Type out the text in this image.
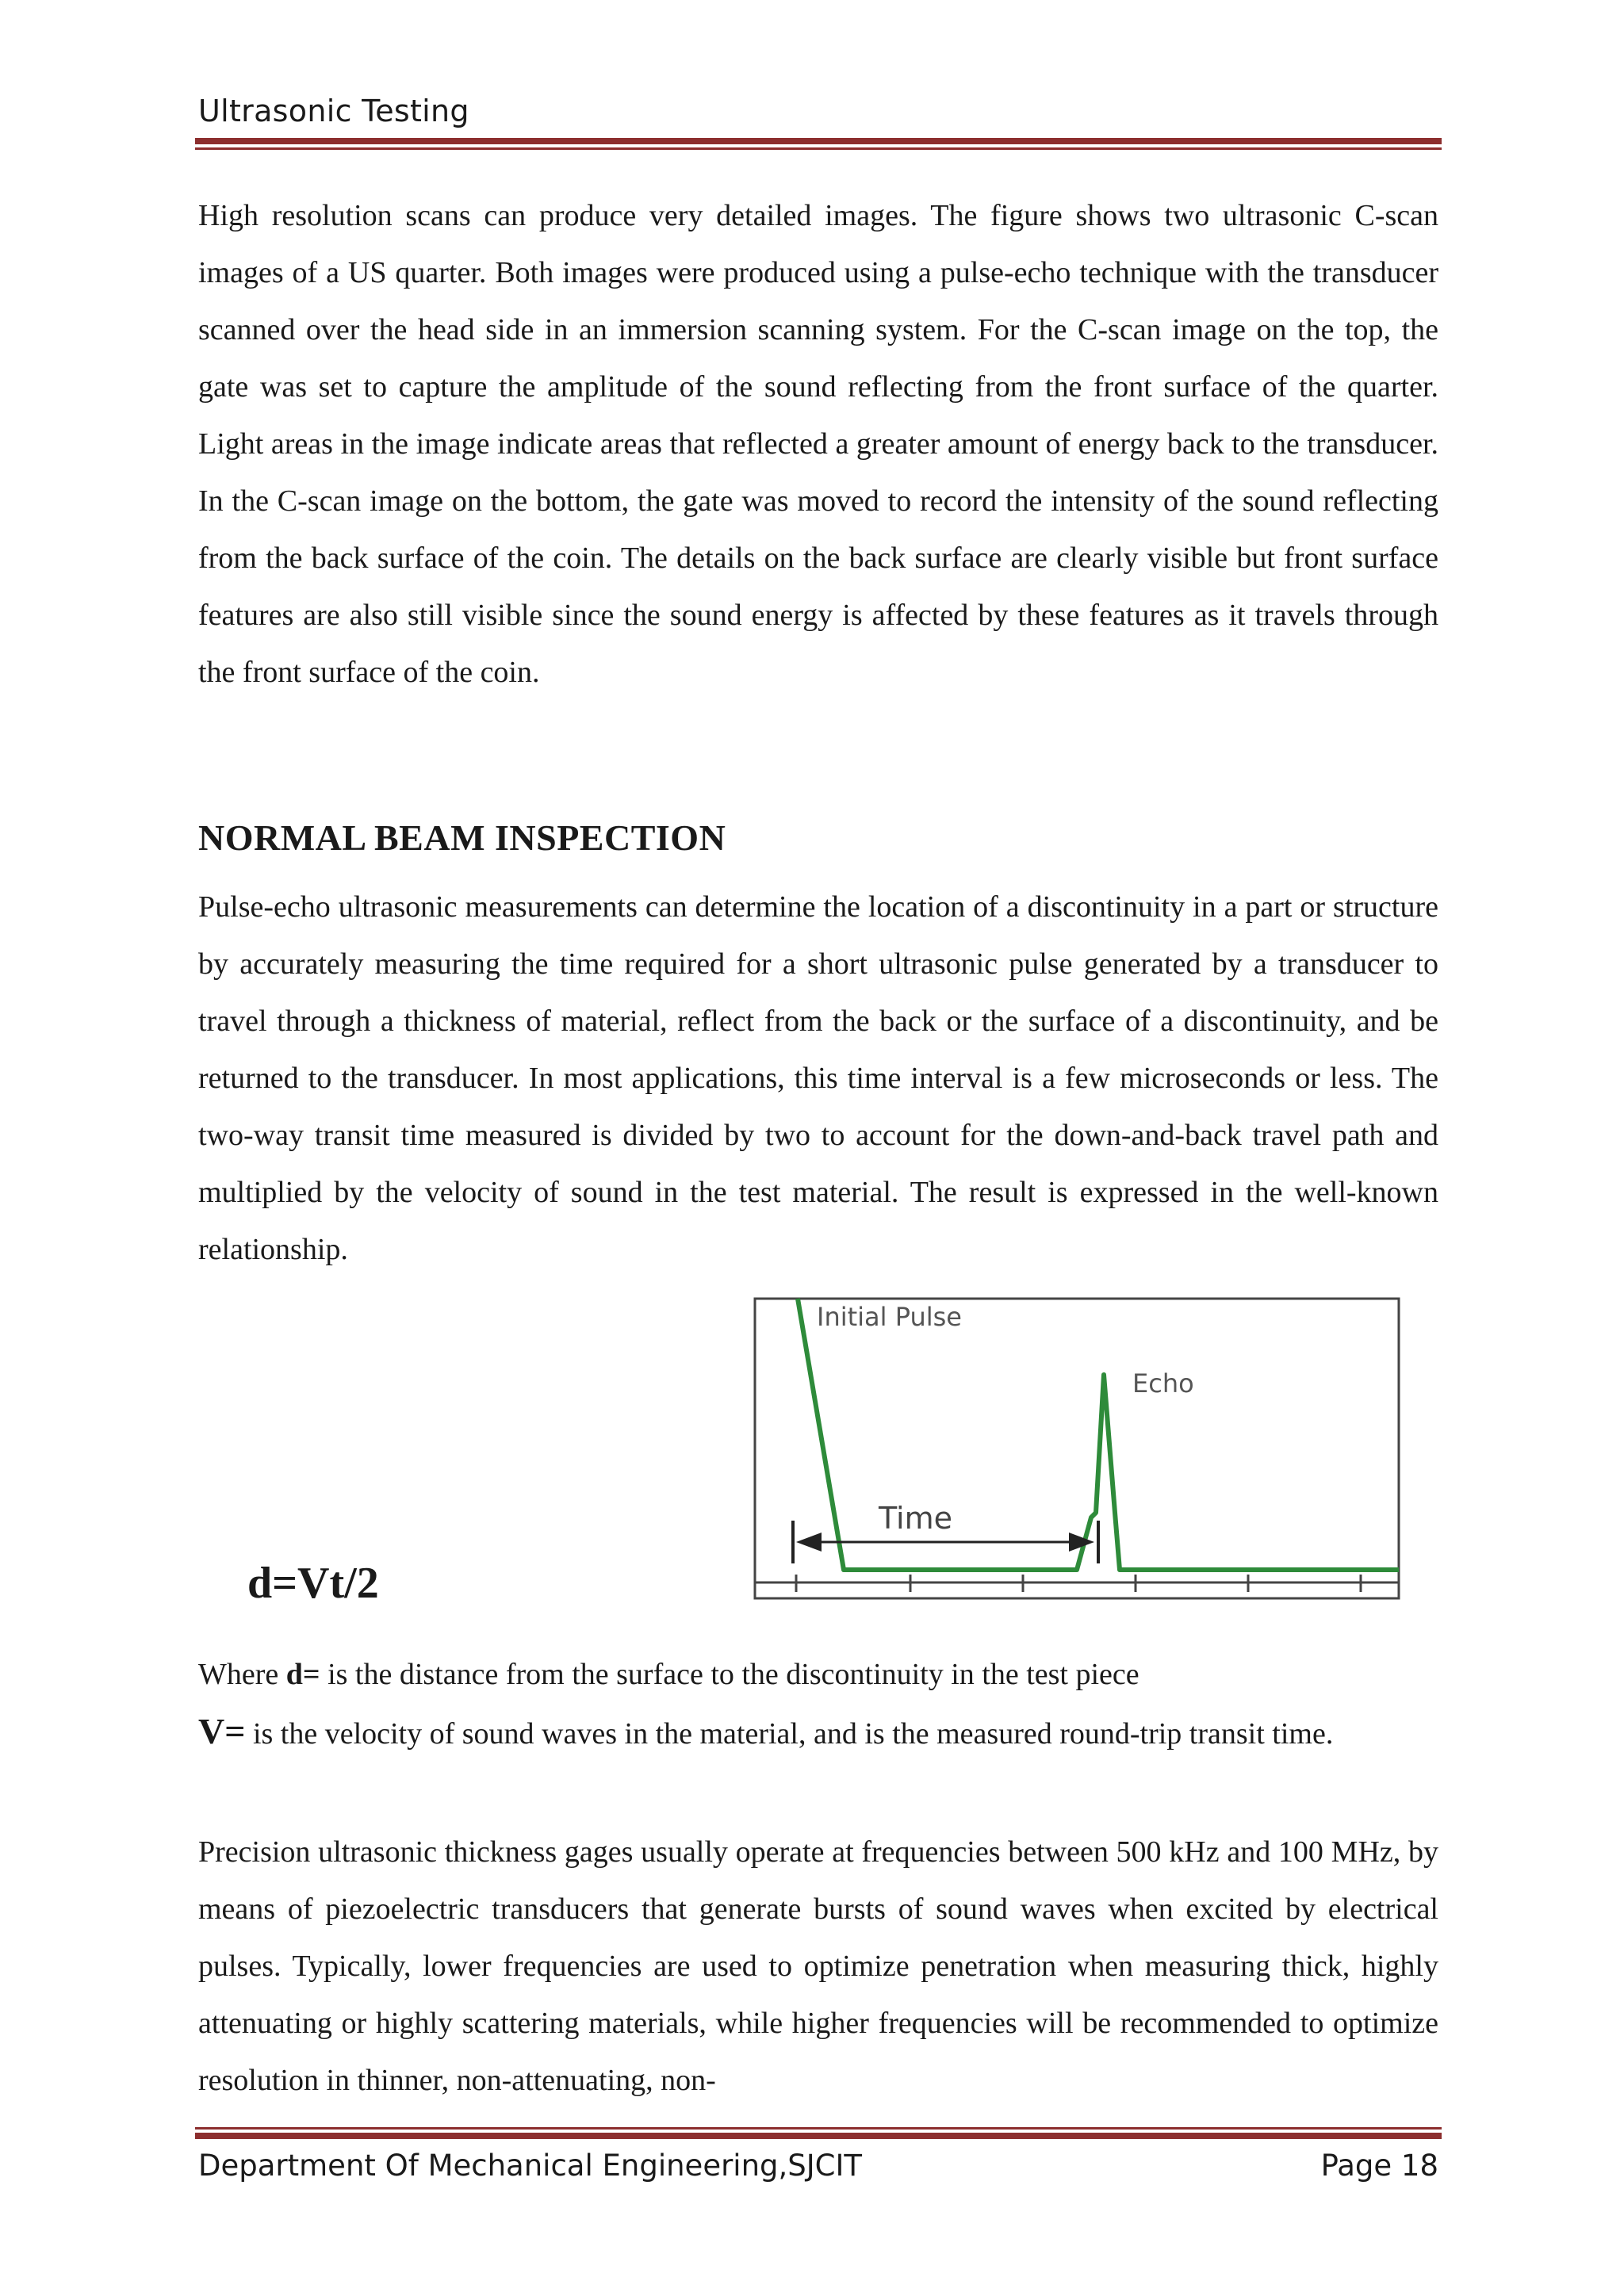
Ultrasonic Testing

High resolution scans can produce very detailed images. The figure shows two ultrasonic C-scan images of a US quarter. Both images were produced using a pulse-echo technique with the transducer scanned over the head side in an immersion scanning system. For the C-scan image on the top, the gate was set to capture the amplitude of the sound reflecting from the front surface of the quarter. Light areas in the image indicate areas that reflected a greater amount of energy back to the transducer. In the C-scan image on the bottom, the gate was moved to record the intensity of the sound reflecting from the back surface of the coin. The details on the back surface are clearly visible but front surface features are also still visible since the sound energy is affected by these features as it travels through the front surface of the coin.

NORMAL BEAM INSPECTION

Pulse-echo ultrasonic measurements can determine the location of a discontinuity in a part or structure by accurately measuring the time required for a short ultrasonic pulse generated by a transducer to travel through a thickness of material, reflect from the back or the surface of a discontinuity, and be returned to the transducer. In most applications, this time interval is a few microseconds or less. The two-way transit time measured is divided by two to account for the down-and-back travel path and multiplied by the velocity of sound in the test material. The result is expressed in the well-known relationship.

Initial Pulse
Echo
Time
d=Vt/2

Where d= is the distance from the surface to the discontinuity in the test piece

V= is the velocity of sound waves in the material, and is the measured round-trip transit time.

Precision ultrasonic thickness gages usually operate at frequencies between 500 kHz and 100 MHz, by means of piezoelectric transducers that generate bursts of sound waves when excited by electrical pulses. Typically, lower frequencies are used to optimize penetration when measuring thick, highly attenuating or highly scattering materials, while higher frequencies will be recommended to optimize resolution in thinner, non-attenuating, non-

Department Of Mechanical Engineering,SJCIT	Page 18
